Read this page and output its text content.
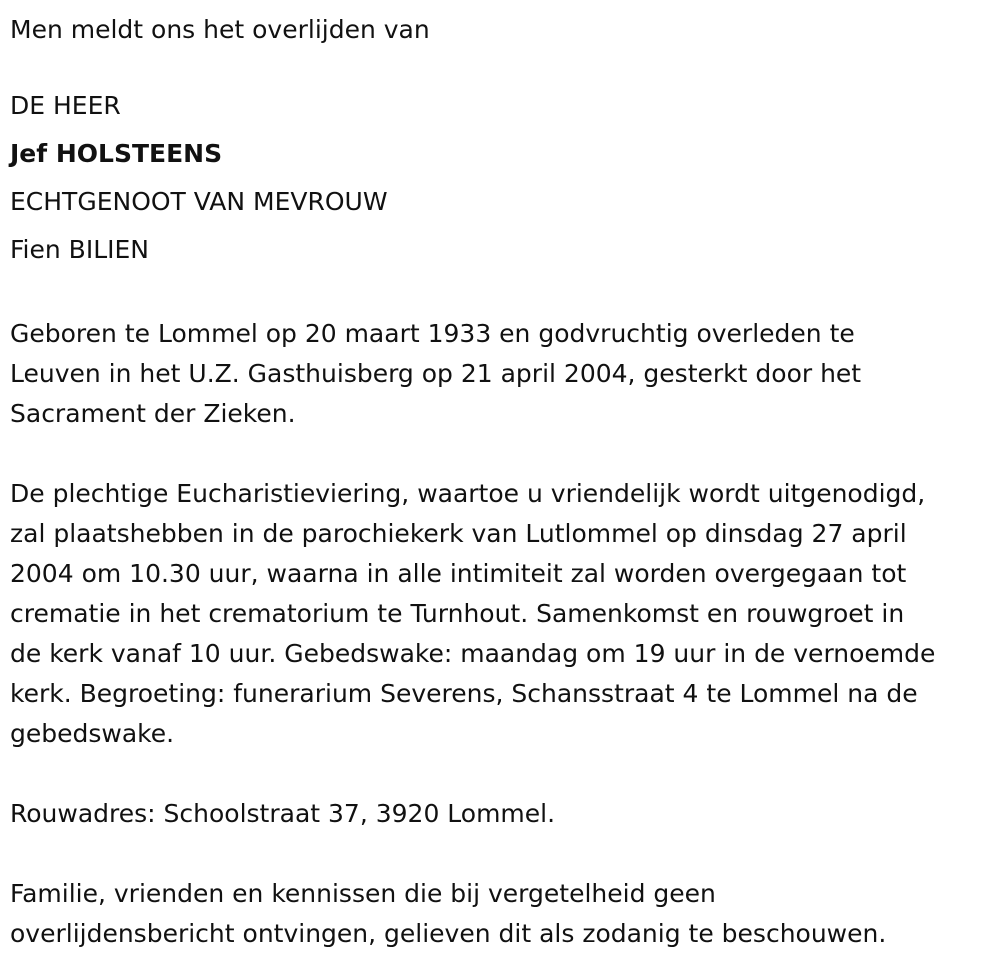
Men meldt ons het overlijden van
DE HEER
Jef HOLSTEENS
ECHTGENOOT VAN MEVROUW
Fien BILIEN
Geboren te Lommel op 20 maart 1933 en godvruchtig overleden te
Leuven in het U.Z. Gasthuisberg op 21 april 2004, gesterkt door het
Sacrament der Zieken.
De plechtige Eucharistieviering, waartoe u vriendelijk wordt uitgenodigd,
zal plaatshebben in de parochiekerk van Lutlommel op dinsdag 27 april
2004 om 10.30 uur, waarna in alle intimiteit zal worden overgegaan tot
crematie in het crematorium te Turnhout. Samenkomst en rouwgroet in
de kerk vanaf 10 uur. Gebedswake: maandag om 19 uur in de vernoemde
kerk. Begroeting: funerarium Severens, Schansstraat 4 te Lommel na de
gebedswake.
Rouwadres: Schoolstraat 37, 3920 Lommel.
Familie, vrienden en kennissen die bij vergetelheid geen
overlijdensbericht ontvingen, gelieven dit als zodanig te beschouwen.
